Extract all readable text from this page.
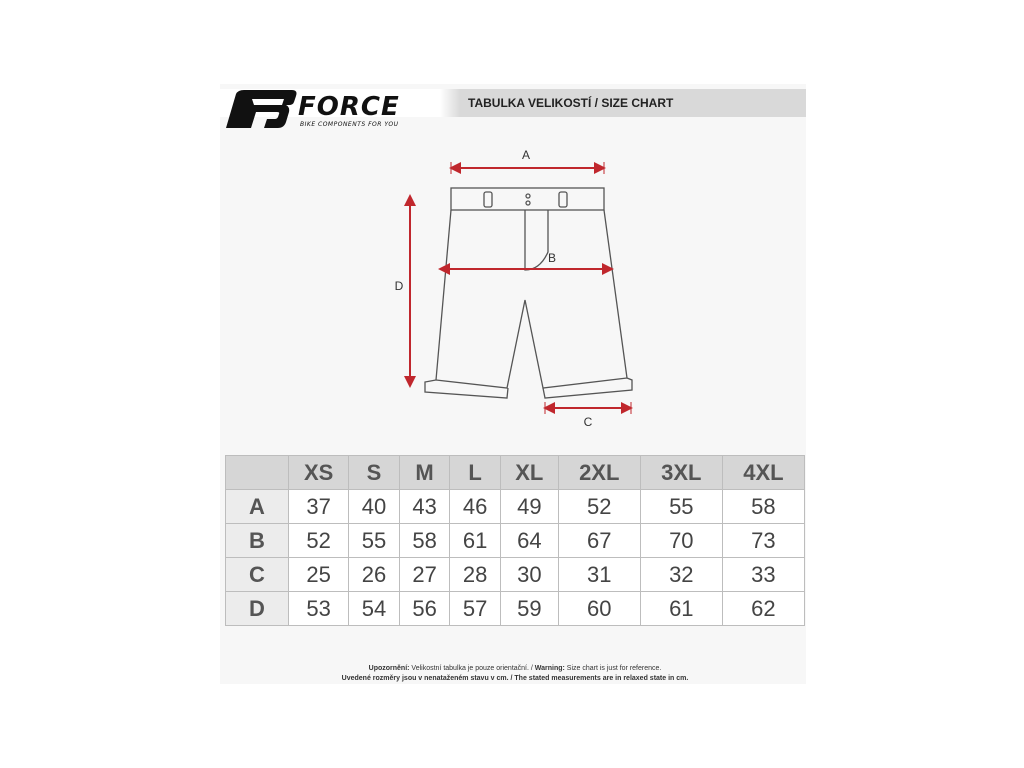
FORCE
BIKE COMPONENTS FOR YOU
TABULKA VELIKOSTÍ / SIZE CHART
A
B
C
D
	XS	S	M	L	XL	2XL	3XL	4XL
A	37	40	43	46	49	52	55	58
B	52	55	58	61	64	67	70	73
C	25	26	27	28	30	31	32	33
D	53	54	56	57	59	60	61	62
Upozornění: Velikostní tabulka je pouze orientační. / Warning: Size chart is just for reference.
Uvedené rozměry jsou v nenataženém stavu v cm. / The stated measurements are in relaxed state in cm.
